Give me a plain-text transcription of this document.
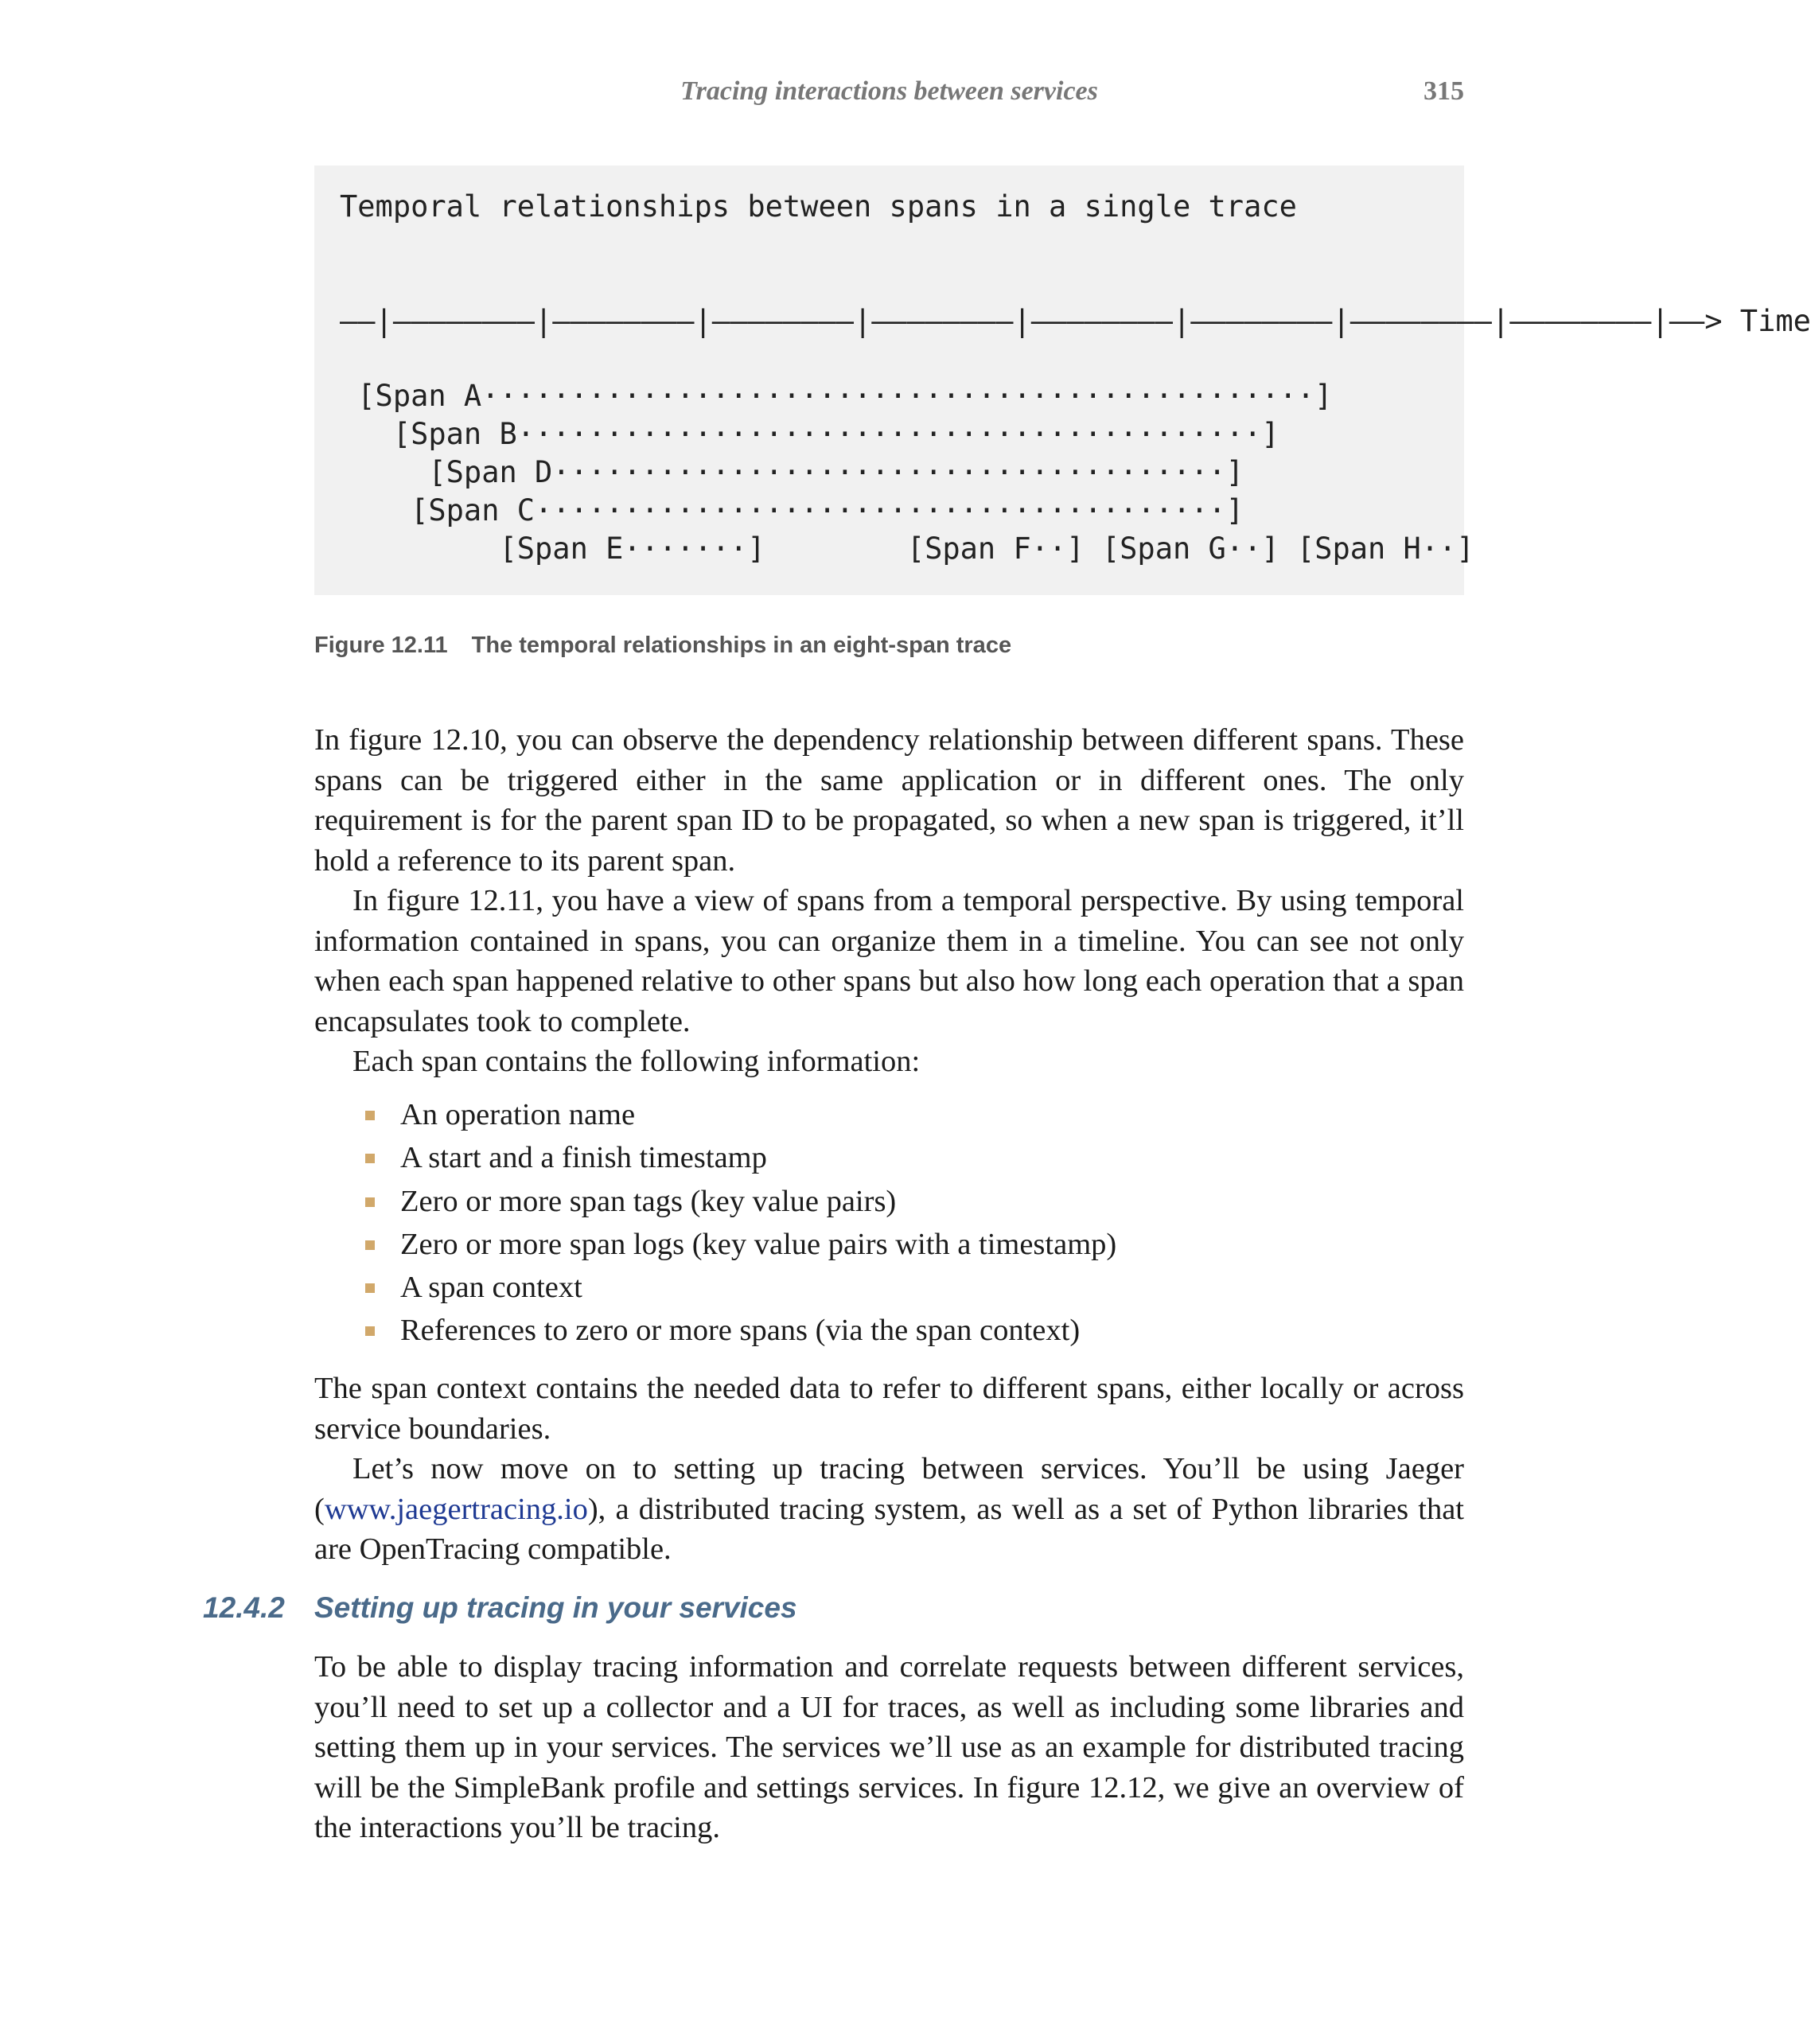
Tracing interactions between services	315
Temporal relationships between spans in a single trace
——|————————|————————|————————|————————|————————|————————|————————|————————|——> Time
[Span A···············································]
[Span B··········································]
[Span D······································]
[Span C·······································]
[Span E·······]        [Span F··] [Span G··] [Span H··]
Figure 12.11 The temporal relationships in an eight-span trace

In figure 12.10, you can observe the dependency relationship between different spans. These spans can be triggered either in the same application or in different ones. The only requirement is for the parent span ID to be propagated, so when a new span is triggered, it’ll hold a reference to its parent span.

In figure 12.11, you have a view of spans from a temporal perspective. By using temporal information contained in spans, you can organize them in a timeline. You can see not only when each span happened relative to other spans but also how long each operation that a span encapsulates took to complete.

Each span contains the following information:

An operation name
A start and a finish timestamp
Zero or more span tags (key value pairs)
Zero or more span logs (key value pairs with a timestamp)
A span context
References to zero or more spans (via the span context)

The span context contains the needed data to refer to different spans, either locally or across service boundaries.

Let’s now move on to setting up tracing between services. You’ll be using Jaeger (www.jaegertracing.io), a distributed tracing system, as well as a set of Python libraries that are OpenTracing compatible.

12.4.2 Setting up tracing in your services

To be able to display tracing information and correlate requests between different services, you’ll need to set up a collector and a UI for traces, as well as including some libraries and setting them up in your services. The services we’ll use as an example for distributed tracing will be the SimpleBank profile and settings services. In figure 12.12, we give an overview of the interactions you’ll be tracing.
